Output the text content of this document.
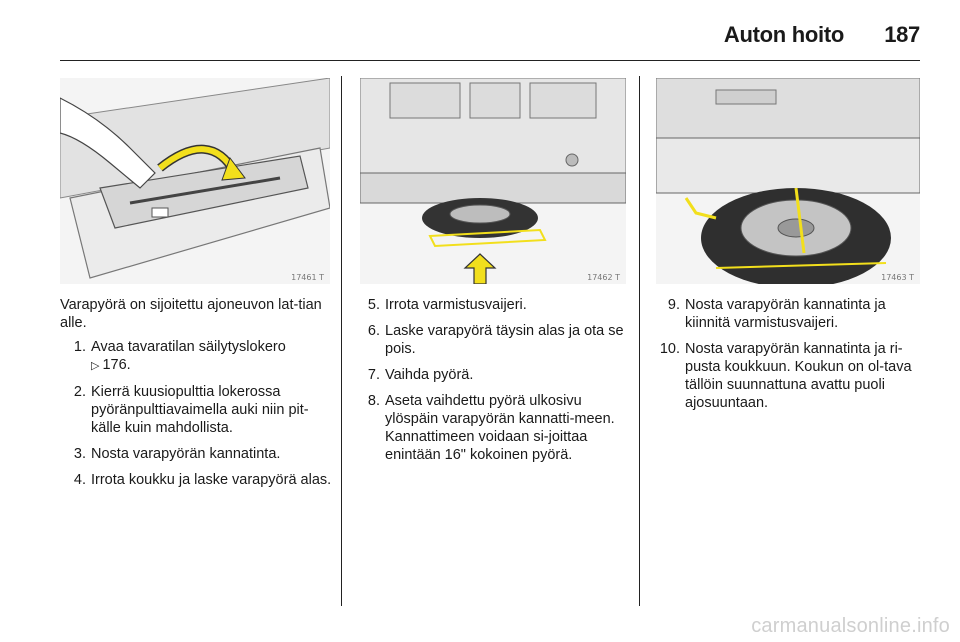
Auton hoito 187
17461 T	17462 T	17463 T

Varapyörä on sijoitettu ajoneuvon lat-tian alle.

1. Avaa tavaratilan säilytyslokero
▷ 176.
2. Kierrä kuusiopulttia lokerossa pyöränpulttiavaimella auki niin pit-källe kuin mahdollista.
3. Nosta varapyörän kannatinta.
4. Irrota koukku ja laske varapyörä alas.
5. Irrota varmistusvaijeri.
6. Laske varapyörä täysin alas ja ota se pois.
7. Vaihda pyörä.
8. Aseta vaihdettu pyörä ulkosivu ylöspäin varapyörän kannatti-meen. Kannattimeen voidaan si-joittaa enintään 16" kokoinen pyörä.
9. Nosta varapyörän kannatinta ja kiinnitä varmistusvaijeri.
10. Nosta varapyörän kannatinta ja ri-pusta koukkuun. Koukun on ol-tava tällöin suunnattuna avattu puoli ajosuuntaan.
carmanualsonline.info
